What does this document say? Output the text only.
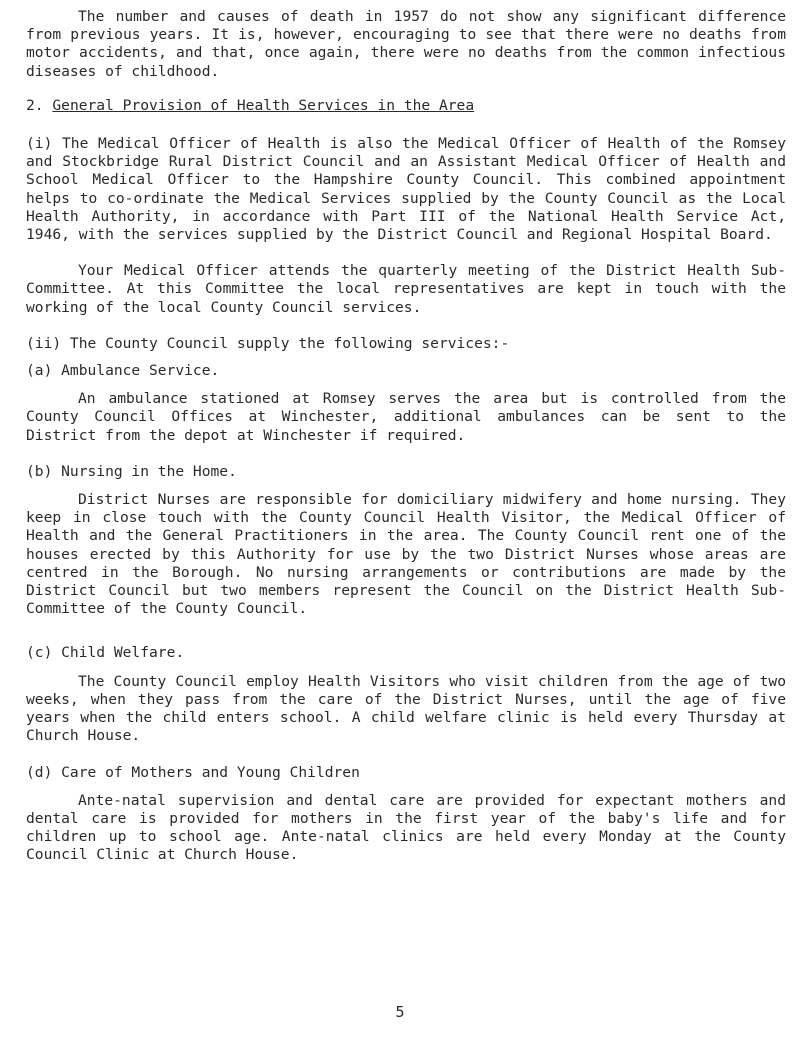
The number and causes of death in 1957 do not show any significant difference from previous years. It is, however, encouraging to see that there were no deaths from motor accidents, and that, once again, there were no deaths from the common infectious diseases of childhood.

2. General Provision of Health Services in the Area

(i) The Medical Officer of Health is also the Medical Officer of Health of the Romsey and Stockbridge Rural District Council and an Assistant Medical Officer of Health and School Medical Officer to the Hampshire County Council. This combined appointment helps to co-ordinate the Medical Services supplied by the County Council as the Local Health Authority, in accordance with Part III of the National Health Service Act, 1946, with the services supplied by the District Council and Regional Hospital Board.

Your Medical Officer attends the quarterly meeting of the District Health Sub-Committee. At this Committee the local representatives are kept in touch with the working of the local County Council services.

(ii) The County Council supply the following services:-

(a) Ambulance Service.

An ambulance stationed at Romsey serves the area but is controlled from the County Council Offices at Winchester, additional ambulances can be sent to the District from the depot at Winchester if required.

(b) Nursing in the Home.

District Nurses are responsible for domiciliary midwifery and home nursing. They keep in close touch with the County Council Health Visitor, the Medical Officer of Health and the General Practitioners in the area. The County Council rent one of the houses erected by this Authority for use by the two District Nurses whose areas are centred in the Borough. No nursing arrangements or contributions are made by the District Council but two members represent the Council on the District Health Sub-Committee of the County Council.

(c) Child Welfare.

The County Council employ Health Visitors who visit children from the age of two weeks, when they pass from the care of the District Nurses, until the age of five years when the child enters school. A child welfare clinic is held every Thursday at Church House.

(d) Care of Mothers and Young Children

Ante-natal supervision and dental care are provided for expectant mothers and dental care is provided for mothers in the first year of the baby's life and for children up to school age. Ante-natal clinics are held every Monday at the County Council Clinic at Church House.

5
